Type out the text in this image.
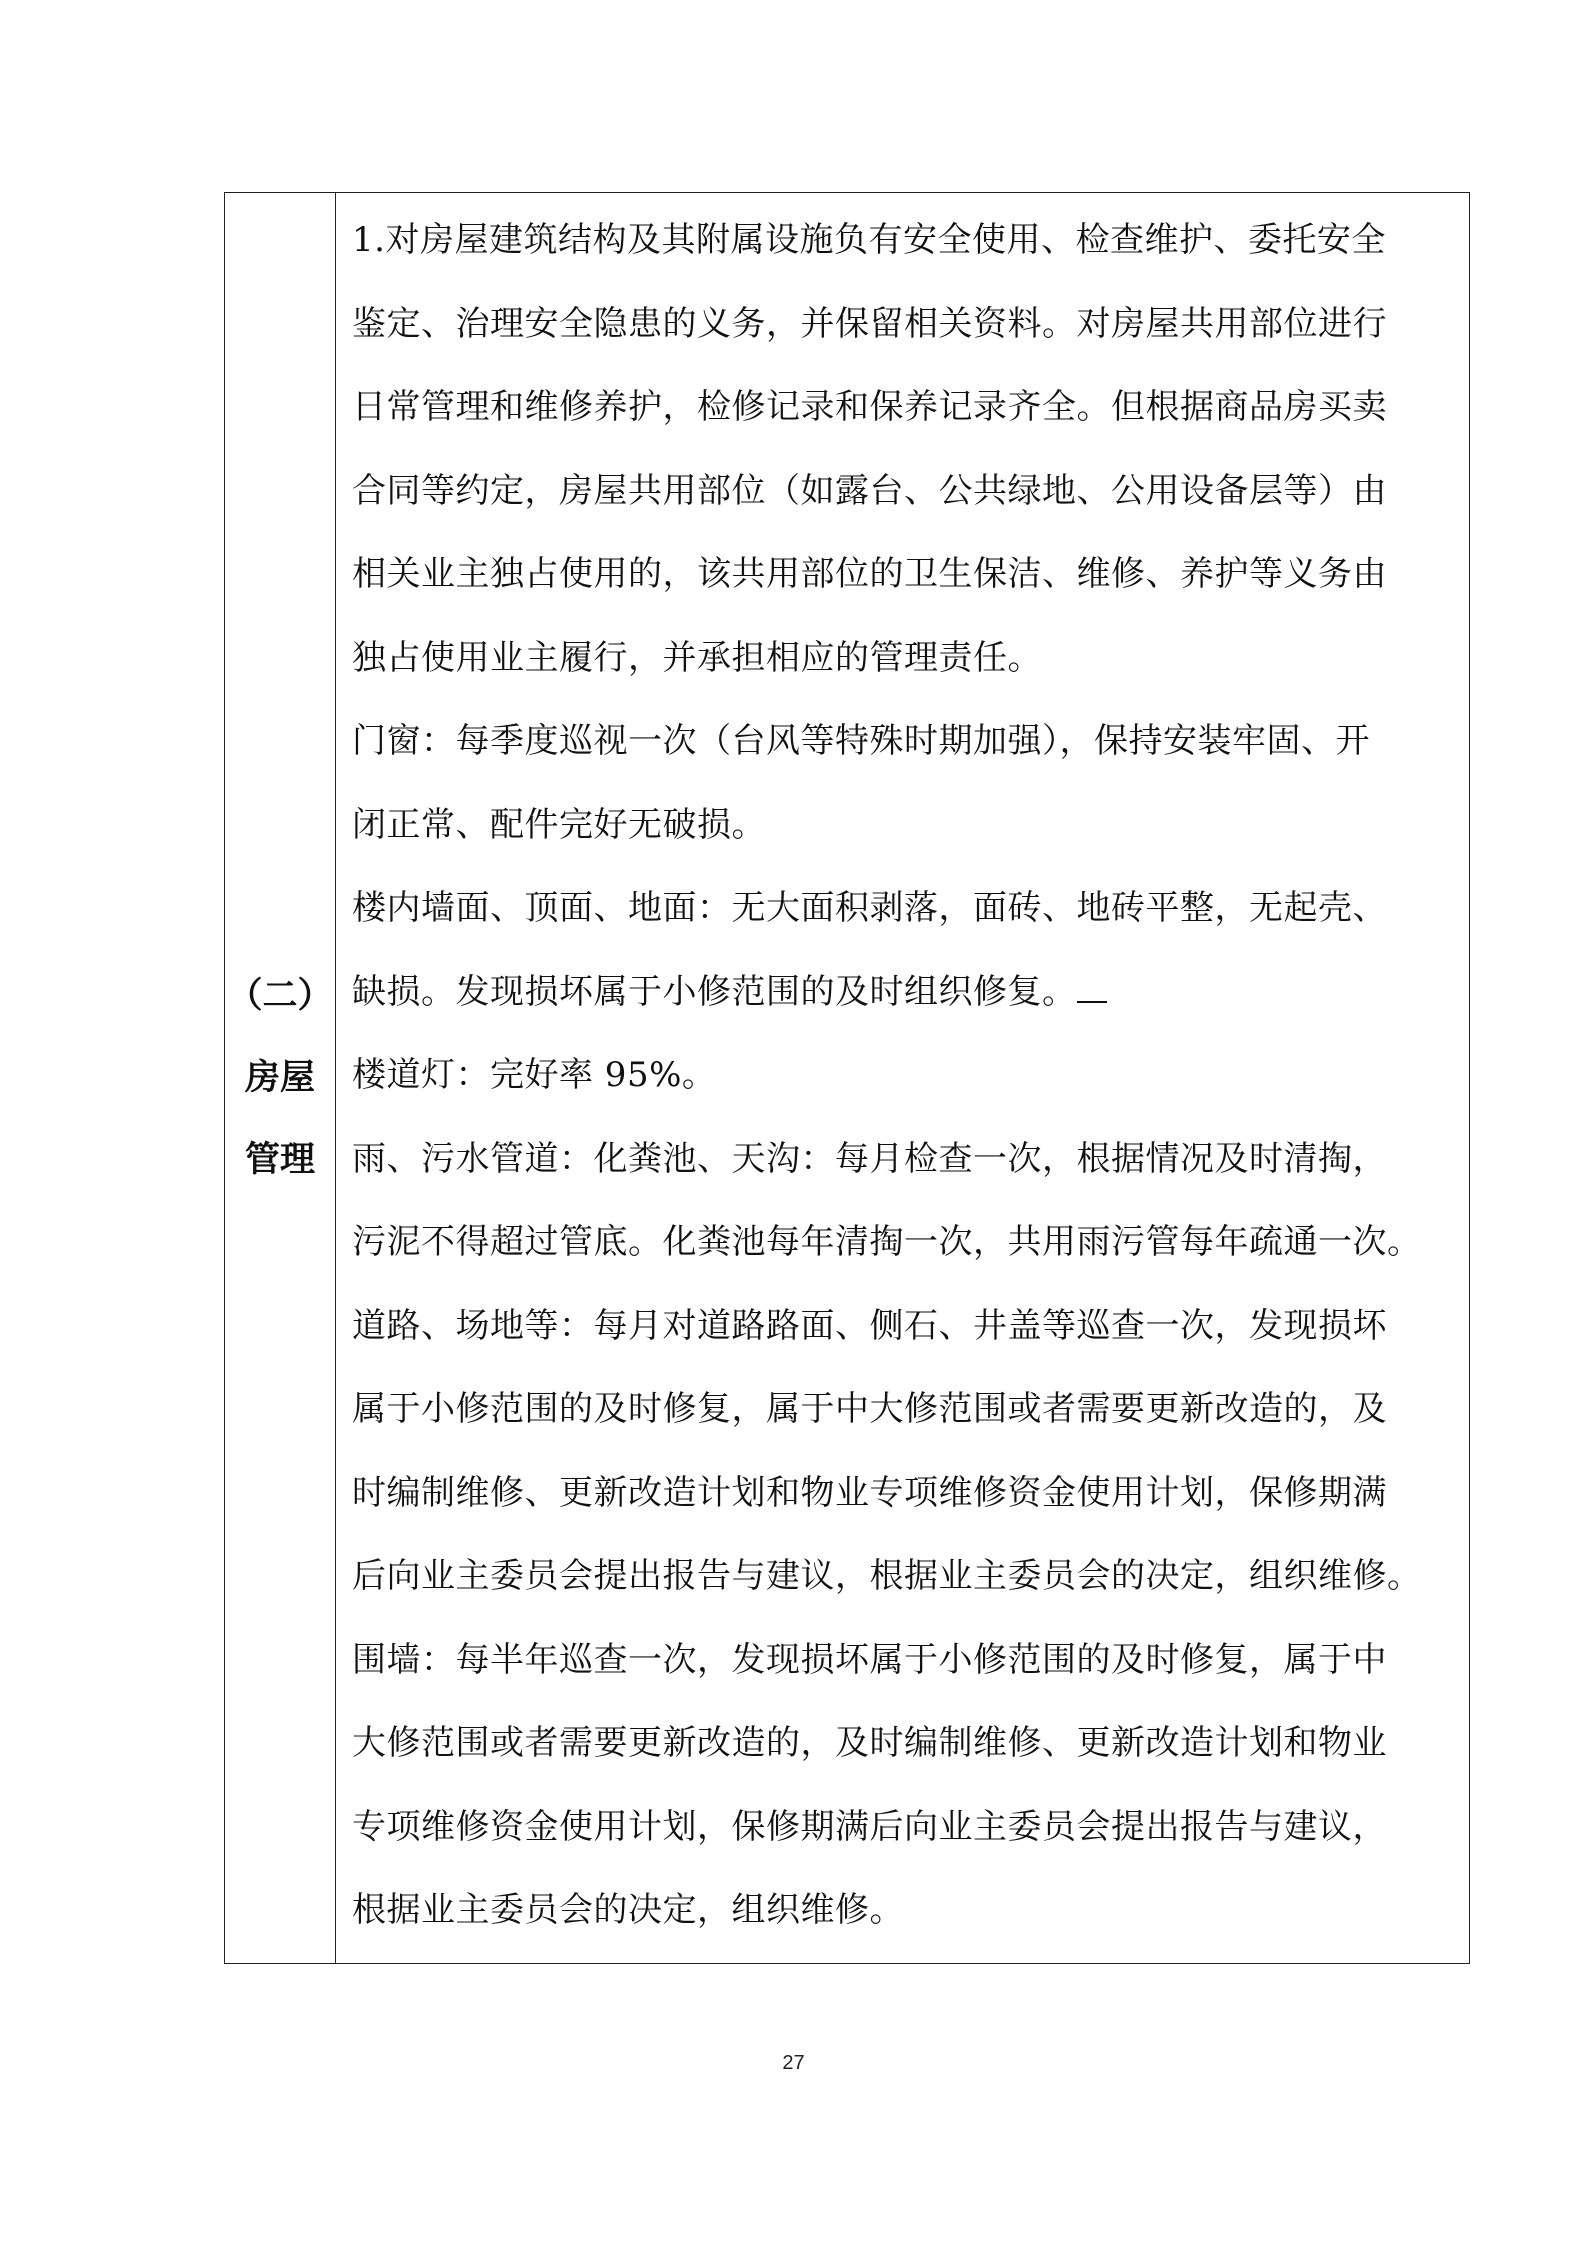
（二）
房屋
管理

1.对房屋建筑结构及其附属设施负有安全使用、检查维护、委托安全

鉴定、治理安全隐患的义务，并保留相关资料。对房屋共用部位进行

日常管理和维修养护，检修记录和保养记录齐全。但根据商品房买卖

合同等约定，房屋共用部位（如露台、公共绿地、公用设备层等）由

相关业主独占使用的，该共用部位的卫生保洁、维修、养护等义务由

独占使用业主履行，并承担相应的管理责任。

门窗：每季度巡视一次（台风等特殊时期加强），保持安装牢固、开

闭正常、配件完好无破损。

楼内墙面、顶面、地面：无大面积剥落，面砖、地砖平整，无起壳、

缺损。发现损坏属于小修范围的及时组织修复。

楼道灯：完好率 95%。

雨、污水管道：化粪池、天沟：每月检查一次，根据情况及时清掏，

污泥不得超过管底。化粪池每年清掏一次，共用雨污管每年疏通一次。

道路、场地等：每月对道路路面、侧石、井盖等巡查一次，发现损坏

属于小修范围的及时修复，属于中大修范围或者需要更新改造的，及

时编制维修、更新改造计划和物业专项维修资金使用计划，保修期满

后向业主委员会提出报告与建议，根据业主委员会的决定，组织维修。

围墙：每半年巡查一次，发现损坏属于小修范围的及时修复，属于中

大修范围或者需要更新改造的，及时编制维修、更新改造计划和物业

专项维修资金使用计划，保修期满后向业主委员会提出报告与建议，

根据业主委员会的决定，组织维修。

27
